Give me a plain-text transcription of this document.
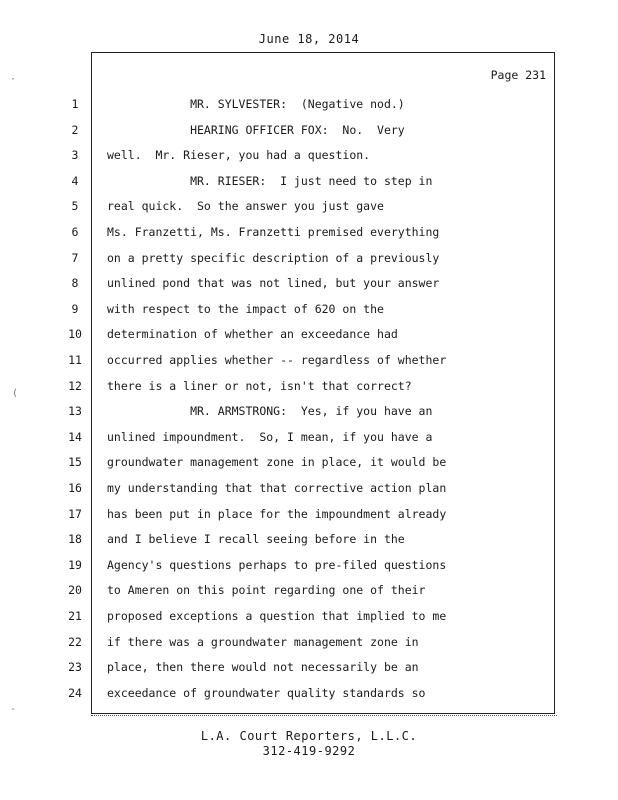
June 18, 2014
Page 231
1	MR. SYLVESTER:  (Negative nod.)
2	HEARING OFFICER FOX:  No.  Very
3	well.  Mr. Rieser, you had a question.
4	MR. RIESER:  I just need to step in
5	real quick.  So the answer you just gave
6	Ms. Franzetti, Ms. Franzetti premised everything
7	on a pretty specific description of a previously
8	unlined pond that was not lined, but your answer
9	with respect to the impact of 620 on the
10	determination of whether an exceedance had
11	occurred applies whether -- regardless of whether
12	there is a liner or not, isn't that correct?
13	MR. ARMSTRONG:  Yes, if you have an
14	unlined impoundment.  So, I mean, if you have a
15	groundwater management zone in place, it would be
16	my understanding that that corrective action plan
17	has been put in place for the impoundment already
18	and I believe I recall seeing before in the
19	Agency's questions perhaps to pre-filed questions
20	to Ameren on this point regarding one of their
21	proposed exceptions a question that implied to me
22	if there was a groundwater management zone in
23	place, then there would not necessarily be an
24	exceedance of groundwater quality standards so
L.A. Court Reporters, L.L.C.
312-419-9292
·
(
-
